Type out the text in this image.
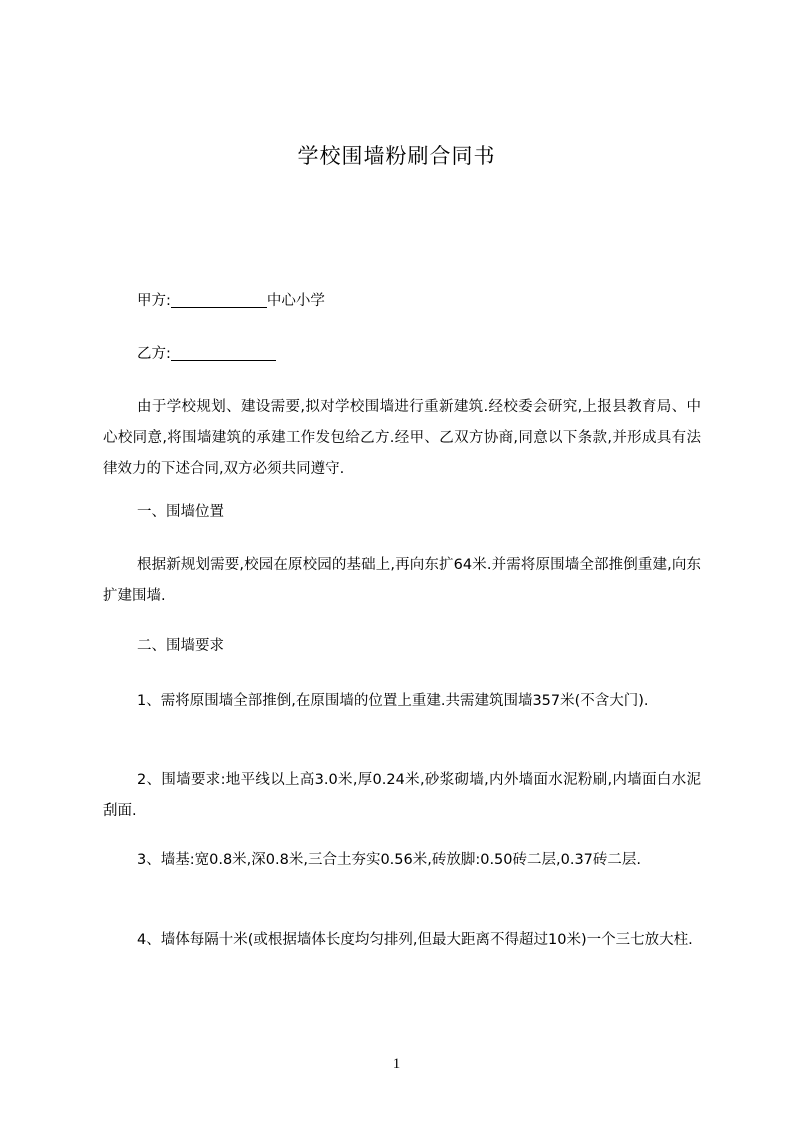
学校围墙粉刷合同书
甲方:	中心小学
乙方:
由于学校规划、建设需要,拟对学校围墙进行重新建筑.经校委会研究,上报县教育局、中心校同意,将围墙建筑的承建工作发包给乙方.经甲、乙双方协商,同意以下条款,并形成具有法律效力的下述合同,双方必须共同遵守.
一、围墙位置
根据新规划需要,校园在原校园的基础上,再向东扩64米.并需将原围墙全部推倒重建,向东扩建围墙.
二、围墙要求
1、需将原围墙全部推倒,在原围墙的位置上重建.共需建筑围墙357米(不含大门).
2、围墙要求:地平线以上高3.0米,厚0.24米,砂浆砌墙,内外墙面水泥粉刷,内墙面白水泥刮面.
3、墙基:宽0.8米,深0.8米,三合土夯实0.56米,砖放脚:0.50砖二层,0.37砖二层.
4、墙体每隔十米(或根据墙体长度均匀排列,但最大距离不得超过10米)一个三七放大柱.
1
